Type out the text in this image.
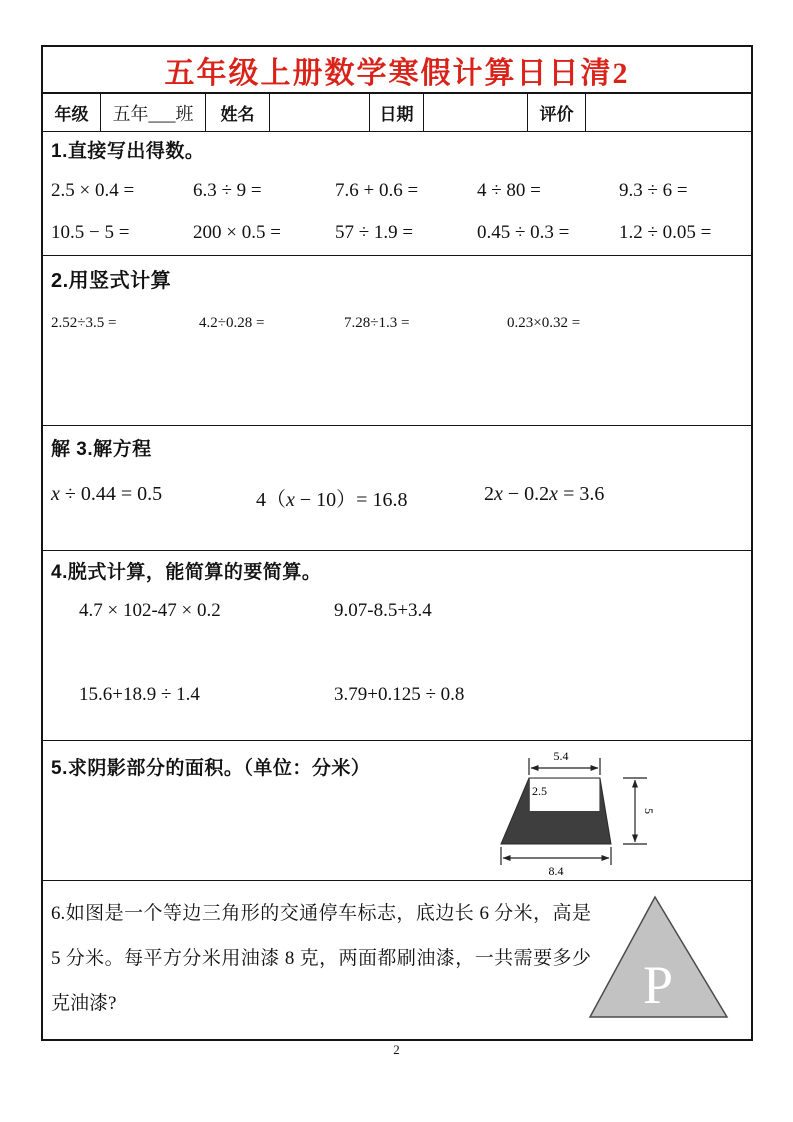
五年级上册数学寒假计算日日清2
年级	五年___班	姓名	日期	评价
1.直接写出得数。
2.5 × 0.4 =	6.3 ÷ 9 =	7.6 + 0.6 =	4 ÷ 80 =	9.3 ÷ 6 =
10.5 − 5 =	200 × 0.5 =	57 ÷ 1.9 =	0.45 ÷ 0.3 =	1.2 ÷ 0.05 =
2.用竖式计算
2.52÷3.5 =	4.2÷0.28 =	7.28÷1.3 =	0.23×0.32 =
解 3.解方程
x ÷ 0.44 = 0.5	4（x − 10）= 16.8	2x − 0.2x = 3.6
4.脱式计算，能简算的要简算。
4.7 × 102-47 × 0.2	9.07-8.5+3.4
15.6+18.9 ÷ 1.4	3.79+0.125 ÷ 0.8
5.求阴影部分的面积。（单位：分米）
5.4
2.5
5
8.4
6.如图是一个等边三角形的交通停车标志，底边长 6 分米，高是 5 分米。每平方分米用油漆 8 克，两面都刷油漆，一共需要多少克油漆?	P
2
